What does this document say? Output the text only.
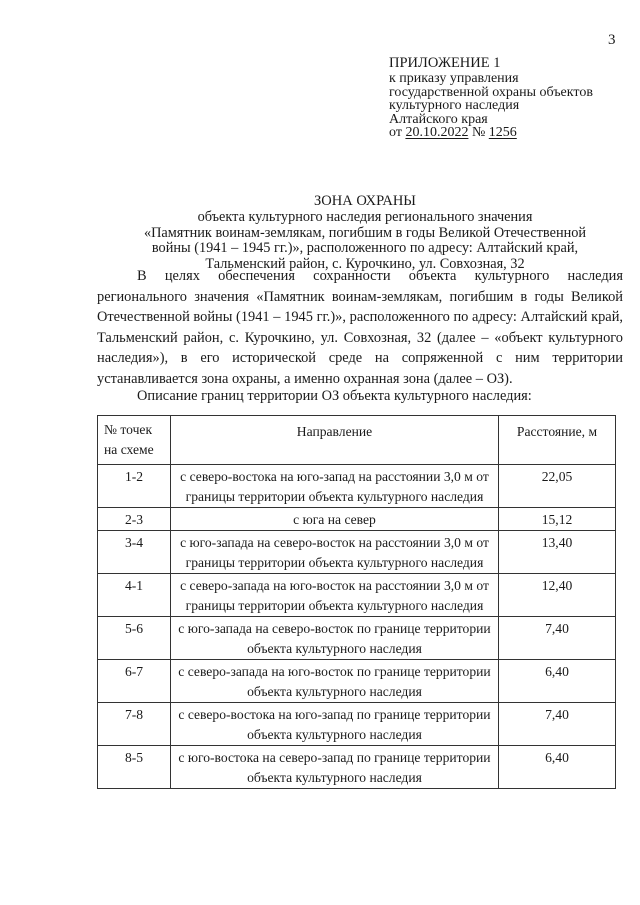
3
ПРИЛОЖЕНИЕ 1
к приказу управления
государственной охраны объектов
культурного наследия
Алтайского края
от 20.10.2022 № 1256
ЗОНА ОХРАНЫ
объекта культурного наследия регионального значения
«Памятник воинам-землякам, погибшим в годы Великой Отечественной
войны (1941 – 1945 гг.)», расположенного по адресу: Алтайский край,
Тальменский район, с. Курочкино, ул. Совхозная, 32

В целях обеспечения сохранности объекта культурного наследия регионального значения «Памятник воинам-землякам, погибшим в годы Великой Отечественной войны (1941 – 1945 гг.)», расположенного по адресу: Алтайский край, Тальменский район, с. Курочкино, ул. Совхозная, 32 (далее – «объект культурного наследия»), в его исторической среде на сопряженной с ним территории устанавливается зона охраны, а именно охранная зона (далее – ОЗ).

Описание границ территории ОЗ объекта культурного наследия:
№ точек на схеме	Направление	Расстояние, м
1-2	с северо-востока на юго-запад на расстоянии 3,0 м от границы территории объекта культурного наследия	22,05
2-3	с юга на север	15,12
3-4	с юго-запада на северо-восток на расстоянии 3,0 м от границы территории объекта культурного наследия	13,40
4-1	с северо-запада на юго-восток на расстоянии 3,0 м от границы территории объекта культурного наследия	12,40
5-6	с юго-запада на северо-восток по границе территории объекта культурного наследия	7,40
6-7	с северо-запада на юго-восток по границе территории объекта культурного наследия	6,40
7-8	с северо-востока на юго-запад по границе территории объекта культурного наследия	7,40
8-5	с юго-востока на северо-запад по границе территории объекта культурного наследия	6,40
